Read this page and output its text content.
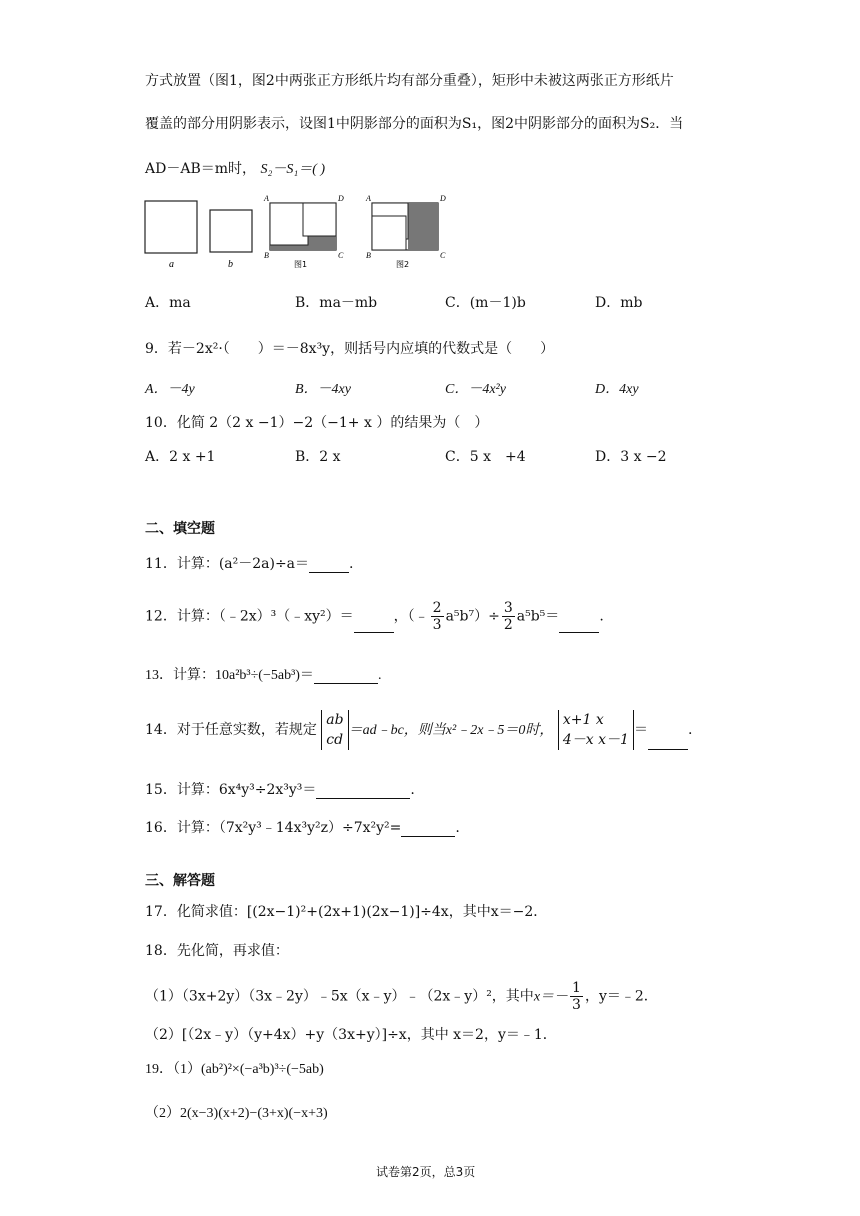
方式放置（图1，图2中两张正方形纸片均有部分重叠），矩形中未被这两张正方形纸片
覆盖的部分用阴影表示，设图1中阴影部分的面积为S₁，图2中阴影部分的面积为S₂．当
AD－AB＝m时， S₂－S₁＝( )
a	b
A	D
B	C
图1
A	D
B	C
图2
A．ma	B．ma－mb	C．(m－1)b	D．mb
9．若－2x²·（　　）＝－8x³y，则括号内应填的代数式是（　　）
A．－4y	B．－4xy	C．－4x²y	D．4xy
10．化简 2（2 x −1）−2（−1+ x ）的结果为（　）
A．2 x +1	B．2 x	C．5 x　+4	D．3 x −2
二、填空题
11．计算：(a²－2a)÷a＝	.
12．计算：（﹣2x）³（﹣xy²）＝	，（﹣ $\frac{2}{3} a^5b^7)\div \frac{3}{2} a^5b^5=$	.
13．计算：10a²b³÷(−5ab³)＝	.
14．对于任意实数，若规定
ab
cd
＝ad﹣bc，则当x²﹣2x﹣5＝0时，
x+1 x
4－x x－1
＝	.
15．计算：6x⁴y³÷2x³y³＝	.
16．计算：（7x²y³﹣14x³y²z）÷7x²y²=	.
三、解答题
17．化简求值：[(2x−1)²+(2x+1)(2x−1)]÷4x，其中x＝−2．
18．先化简，再求值：
（1）（3x+2y）（3x﹣2y）﹣5x（x﹣y）﹣（2x﹣y）²，其中$x=- \frac{1}{3}$ ，y＝﹣2．
（2）[（2x﹣y）（y+4x）+y（3x+y）]÷x，其中 x＝2，y＝﹣1．
19．（1）(ab²)²×(−a³b)³÷(−5ab)
（2）2(x−3)(x+2)−(3+x)(−x+3)
试卷第2页，总3页
